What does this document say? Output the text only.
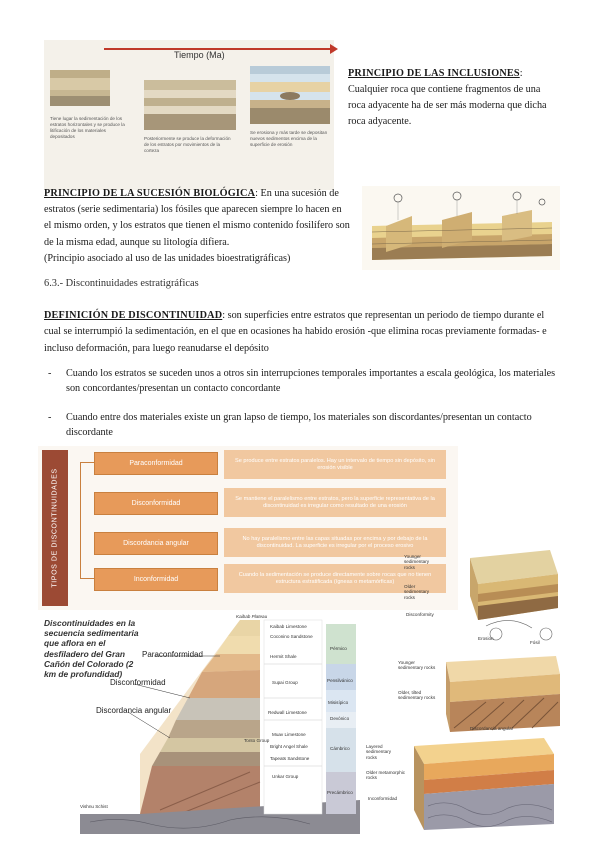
Tiempo (Ma)
Tiene lugar la sedimentación de los estratos horizontales y se produce la litificación de los materiales depositados	Posteriormente se produce la deformación de los estratos por movimientos de la corteza
Se erosiona y más tarde se depositan nuevos sedimentos encima de la superficie de erosión
PRINCIPIO DE LAS INCLUSIONES: Cualquier roca que contiene fragmentos de una roca adyacente ha de ser más moderna que dicha roca adyacente.
PRINCIPIO DE LA SUCESIÓN BIOLÓGICA: En una sucesión de estratos (serie sedimentaria) los fósiles que aparecen siempre lo hacen en el mismo orden, y los estratos que tienen el mismo contenido fosilífero son de la misma edad, aunque su litología difiera.
(Principio asociado al uso de las unidades bioestratigráficas)
6.3.- Discontinuidades estratigráficas
DEFINICIÓN DE DISCONTINUIDAD: son superficies entre estratos que representan un periodo de tiempo durante el cual se interrumpió la sedimentación, en el que en ocasiones ha habido erosión -que elimina rocas previamente formadas- e incluso deformación, para luego reanudarse el depósito
- Cuando los estratos se suceden unos a otros sin interrupciones temporales importantes a escala geológica, los materiales son concordantes/presentan un contacto concordante
- Cuando entre dos materiales existe un gran lapso de tiempo, los materiales son discordantes/presentan un contacto discordante
TIPOS DE DISCONTINUIDADES
Paraconformidad
Disconformidad
Discordancia angular
Inconformidad
Se produce entre estratos paralelos. Hay un intervalo de tiempo sin depósito, sin erosión visible
Se mantiene el paralelismo entre estratos, pero la superficie representativa de la discontinuidad es irregular como resultado de una erosión
No hay paralelismo entre las capas situadas por encima y por debajo de la discontinuidad. La superficie es irregular por el proceso erosivo
Cuando la sedimentación se produce directamente sobre rocas que no tienen estructura estratificada (ígneas o metamórficas)
Younger sedimentary rocks
Older sedimentary rocks
Disconformity
Erosion
Fósil
Younger sedimentary rocks
Older, tilted sedimentary rocks
Discordancia angular
Layered sedimentary rocks
Older metamorphic rocks
Inconformidad
Discontinuidades en la secuencia sedimentaria que aflora en el desfiladero del Gran Cañón del Colorado (2 km de profundidad)
Paraconformidad
Disconformidad
Discordancia angular
Kaibab Plateau
Kaibab Limestone
Coconino Sandstone
Hermit Shale
Supai Group
Redwall Limestone
Muav Limestone
Bright Angel Shale
Tapeats Sandstone
Tonto Group
Unkar Group
Vishnu Schist
Pérmico
Pensilvánico
Misisípico
Devónico
Cámbrico
Precámbrico
